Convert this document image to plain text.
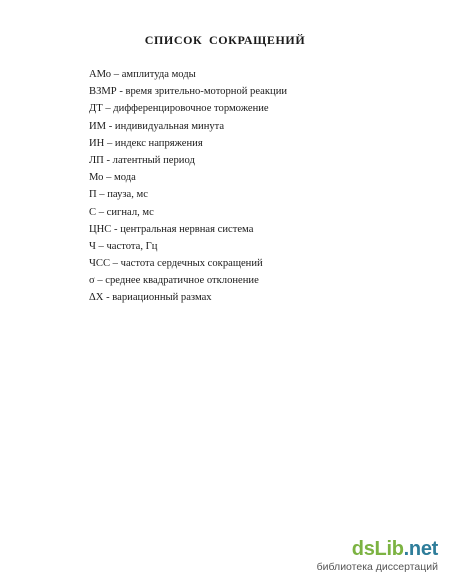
СПИСОК СОКРАЩЕНИЙ
АМо – амплитуда моды
ВЗМР - время зрительно-моторной реакции
ДТ – дифференцировочное торможение
ИМ - индивидуальная минута
ИН – индекс напряжения
ЛП - латентный период
Мо – мода
П – пауза, мс
С – сигнал, мс
ЦНС - центральная нервная система
Ч – частота, Гц
ЧСС – частота сердечных сокращений
σ – среднее квадратичное отклонение
ΔХ - вариационный размах
dsLib.net
библиотека диссертаций
